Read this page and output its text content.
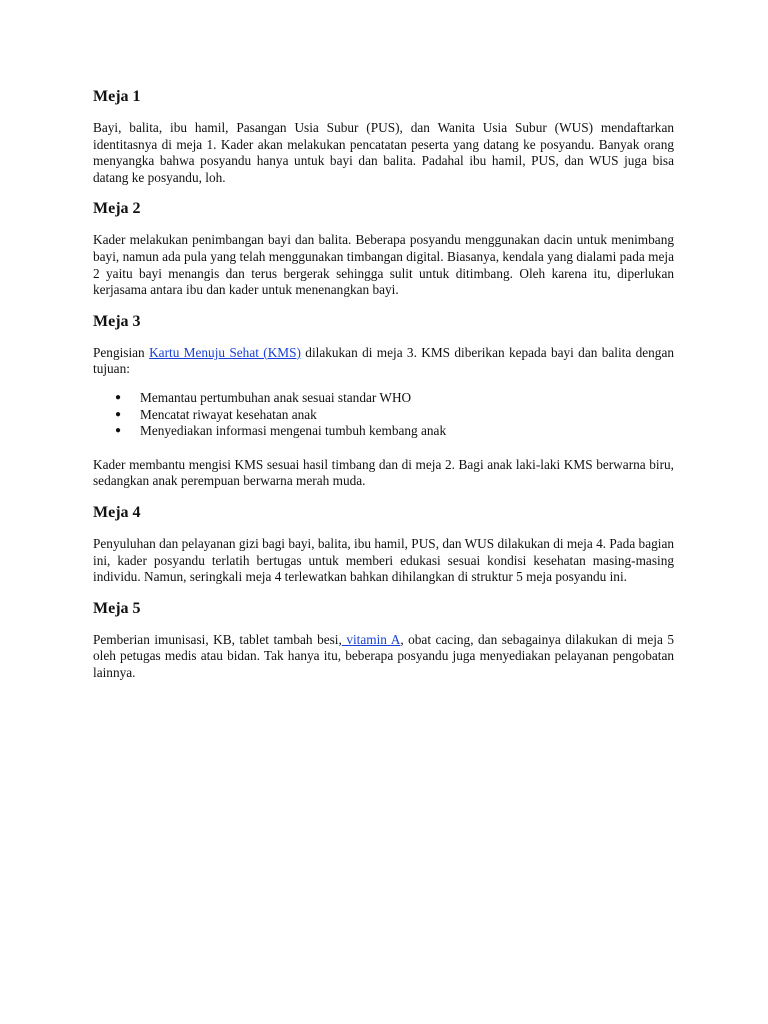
Meja 1

Bayi, balita, ibu hamil, Pasangan Usia Subur (PUS), dan Wanita Usia Subur (WUS) mendaftarkan identitasnya di meja 1. Kader akan melakukan pencatatan peserta yang datang ke posyandu. Banyak orang menyangka bahwa posyandu hanya untuk bayi dan balita. Padahal ibu hamil, PUS, dan WUS juga bisa datang ke posyandu, loh.

Meja 2

Kader melakukan penimbangan bayi dan balita. Beberapa posyandu menggunakan dacin untuk menimbang bayi, namun ada pula yang telah menggunakan timbangan digital. Biasanya, kendala yang dialami pada meja 2 yaitu bayi menangis dan terus bergerak sehingga sulit untuk ditimbang. Oleh karena itu, diperlukan kerjasama antara ibu dan kader untuk menenangkan bayi.

Meja 3

Pengisian Kartu Menuju Sehat (KMS) dilakukan di meja 3. KMS diberikan kepada bayi dan balita dengan tujuan:

● Memantau pertumbuhan anak sesuai standar WHO
● Mencatat riwayat kesehatan anak
● Menyediakan informasi mengenai tumbuh kembang anak

Kader membantu mengisi KMS sesuai hasil timbang dan di meja 2. Bagi anak laki-laki KMS berwarna biru, sedangkan anak perempuan berwarna merah muda.

Meja 4

Penyuluhan dan pelayanan gizi bagi bayi, balita, ibu hamil, PUS, dan WUS dilakukan di meja 4. Pada bagian ini, kader posyandu terlatih bertugas untuk memberi edukasi sesuai kondisi kesehatan masing-masing individu. Namun, seringkali meja 4 terlewatkan bahkan dihilangkan di struktur 5 meja posyandu ini.

Meja 5

Pemberian imunisasi, KB, tablet tambah besi, vitamin A, obat cacing, dan sebagainya dilakukan di meja 5 oleh petugas medis atau bidan. Tak hanya itu, beberapa posyandu juga menyediakan pelayanan pengobatan lainnya.
